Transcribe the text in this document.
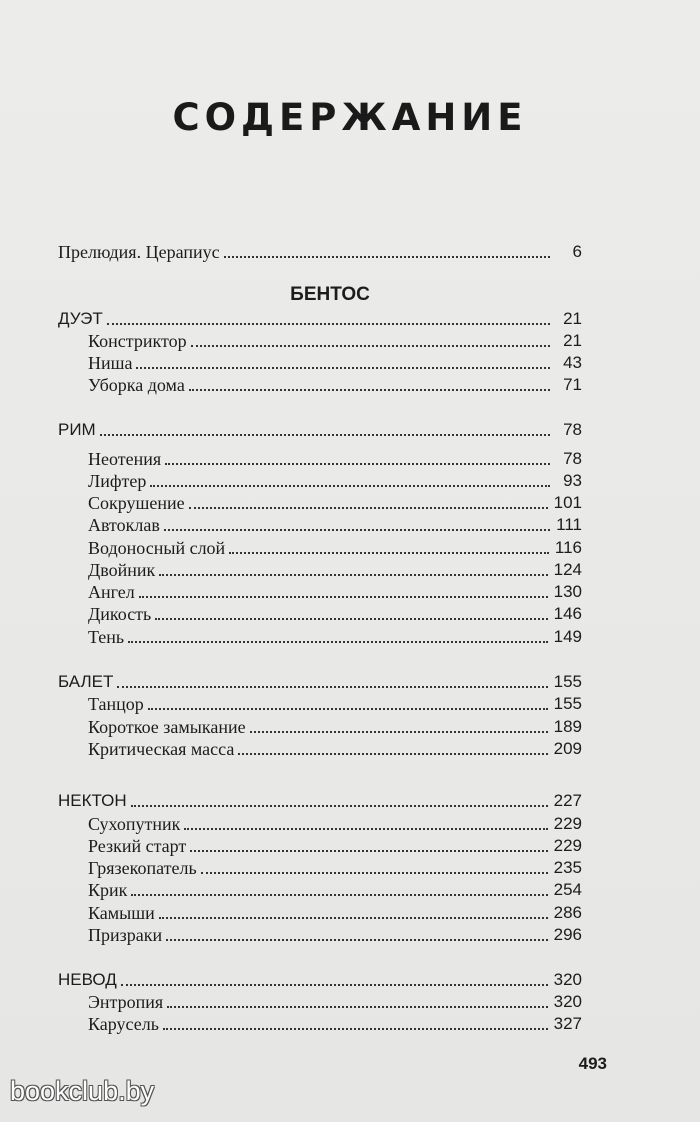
СОДЕРЖАНИЕ
Прелюдия. Церапиус	6
БЕНТОС
ДУЭТ	21
Констриктор	21
Ниша	43
Уборка дома	71
РИМ	78
Неотения	78
Лифтер	93
Сокрушение	101
Автоклав	111
Водоносный слой	116
Двойник	124
Ангел	130
Дикость	146
Тень	149
БАЛЕТ	155
Танцор	155
Короткое замыкание	189
Критическая масса	209
НЕКТОН	227
Сухопутник	229
Резкий старт	229
Грязекопатель	235
Крик	254
Камыши	286
Призраки	296
НЕВОД	320
Энтропия	320
Карусель	327
493
bookclub.by
